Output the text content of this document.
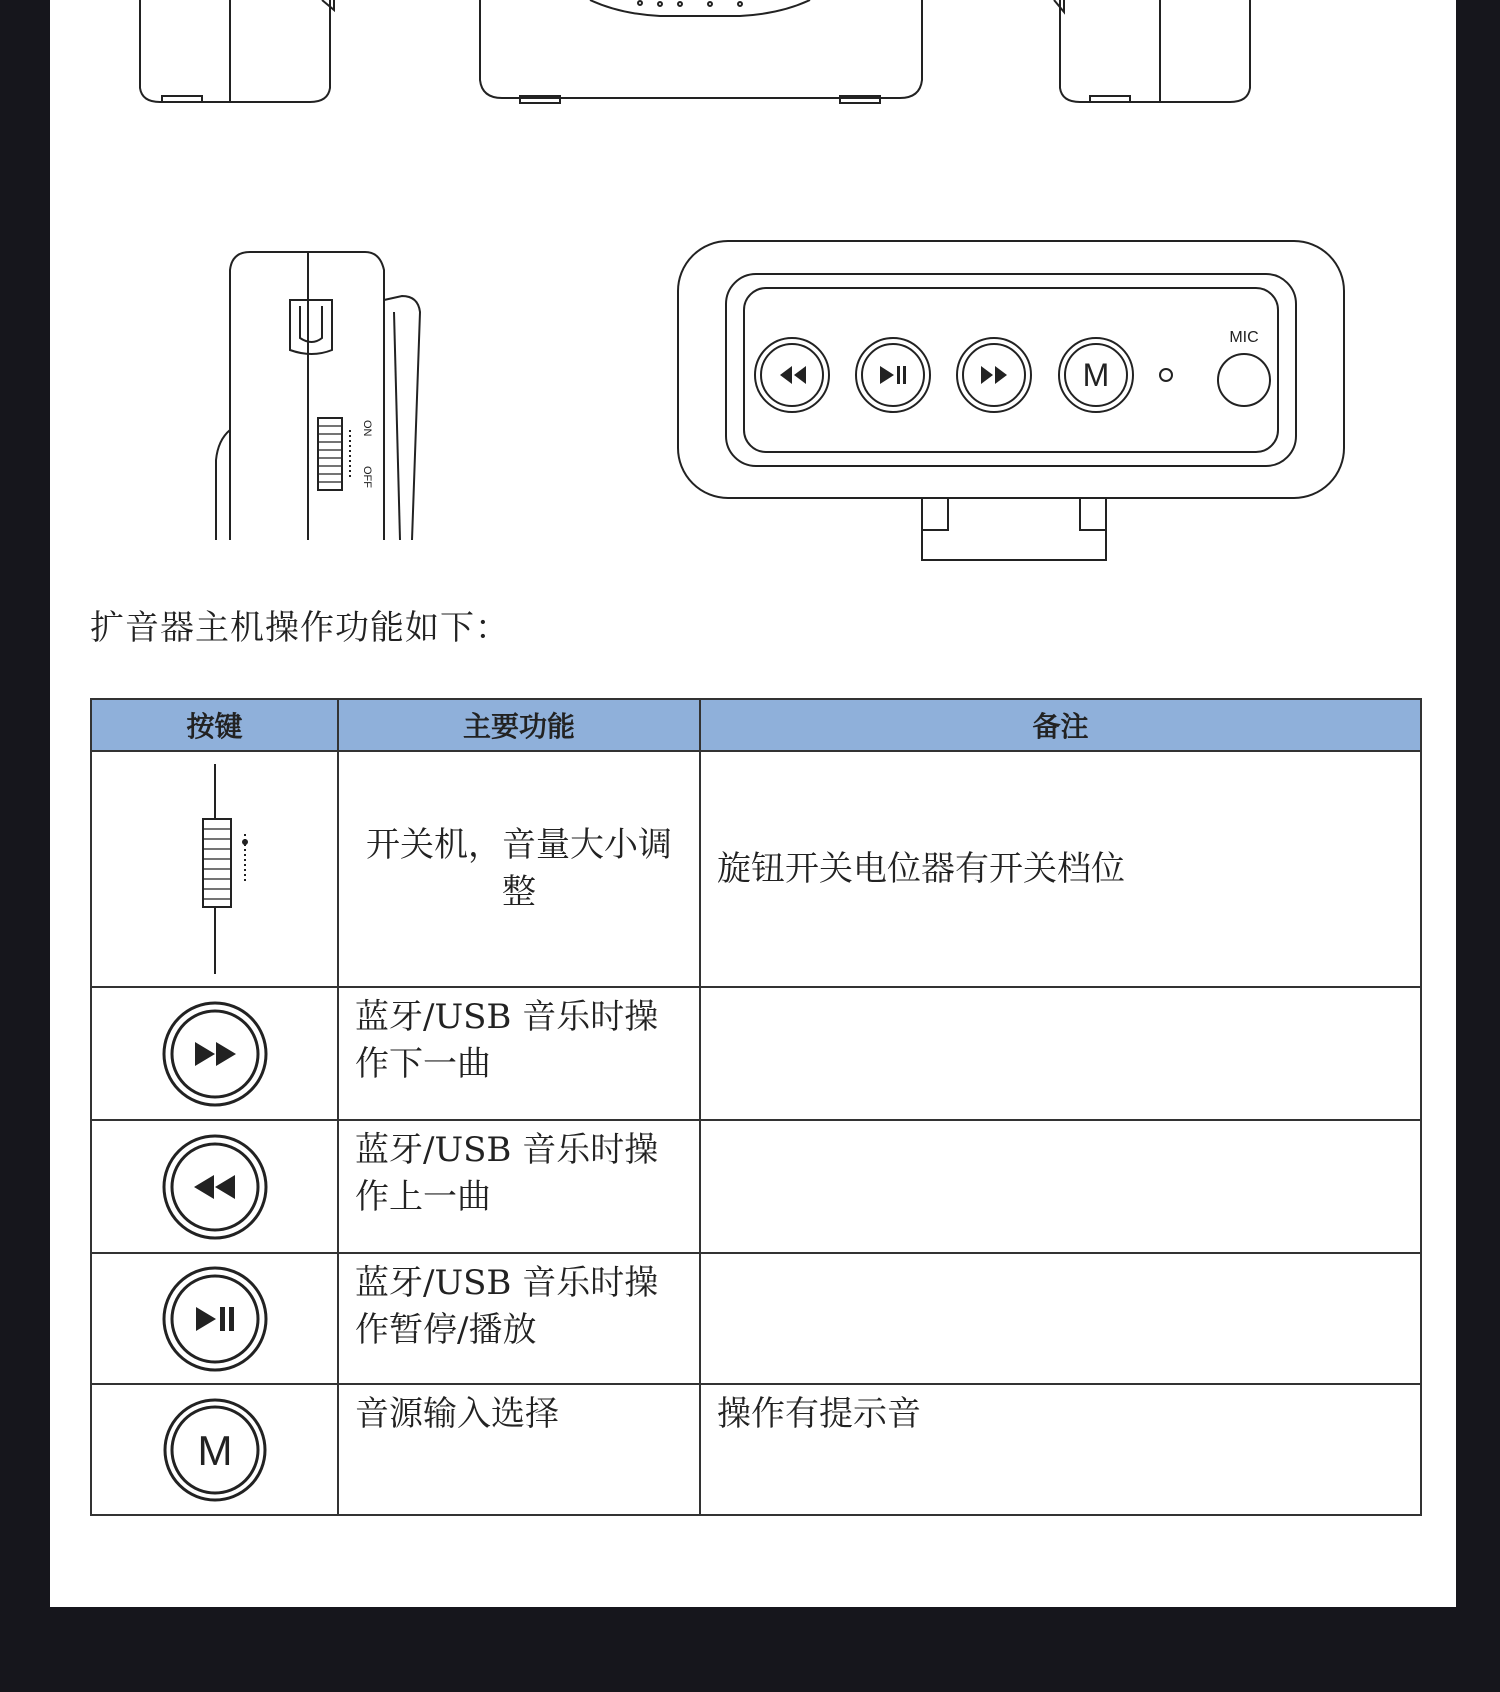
M
MIC
ON
OFF
扩音器主机操作功能如下：
按键	主要功能	备注

	开关机，音量大小调整	旋钮开关电位器有开关档位

	蓝牙/USB 音乐时操作下一曲	

	蓝牙/USB 音乐时操作上一曲	

	蓝牙/USB 音乐时操作暂停/播放	

M	音源输入选择	操作有提示音
